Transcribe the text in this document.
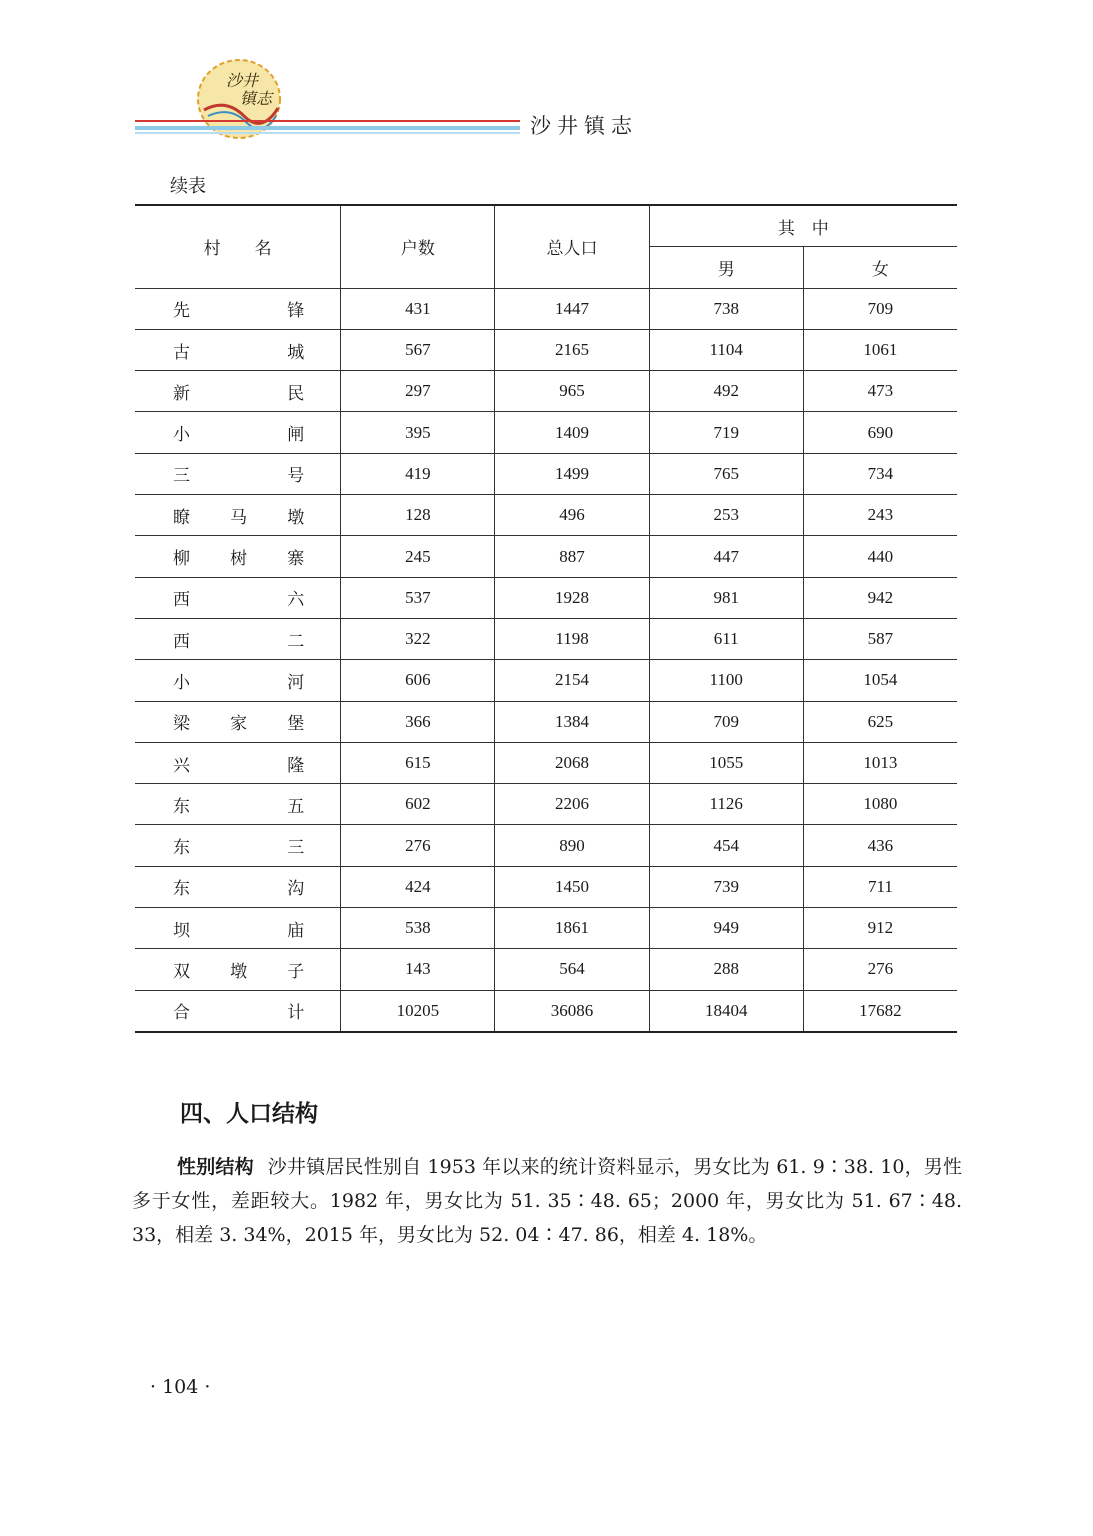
沙井
镇志
沙井镇志
续表
村　　名	户数	总人口	其　中	
			男	女

先 锋	431	1447	738	709

古 城	567	2165	1104	1061

新 民	297	965	492	473

小 闸	395	1409	719	690

三 号	419	1499	765	734

瞭 马 墩	128	496	253	243

柳 树 寨	245	887	447	440

西 六	537	1928	981	942

西 二	322	1198	611	587

小 河	606	2154	1100	1054

梁 家 堡	366	1384	709	625

兴 隆	615	2068	1055	1013

东 五	602	2206	1126	1080

东 三	276	890	454	436

东 沟	424	1450	739	711

坝 庙	538	1861	949	912

双 墩 子	143	564	288	276

合 计	10205	36086	18404	17682
四、人口结构
性别结构 沙井镇居民性别自 1953 年以来的统计资料显示，男女比为 61. 9∶38. 10，男性多于女性，差距较大。1982 年，男女比为 51. 35∶48. 65；2000 年，男女比为 51. 67∶48. 33，相差 3. 34%，2015 年，男女比为 52. 04∶47. 86，相差 4. 18%。
· 104 ·
